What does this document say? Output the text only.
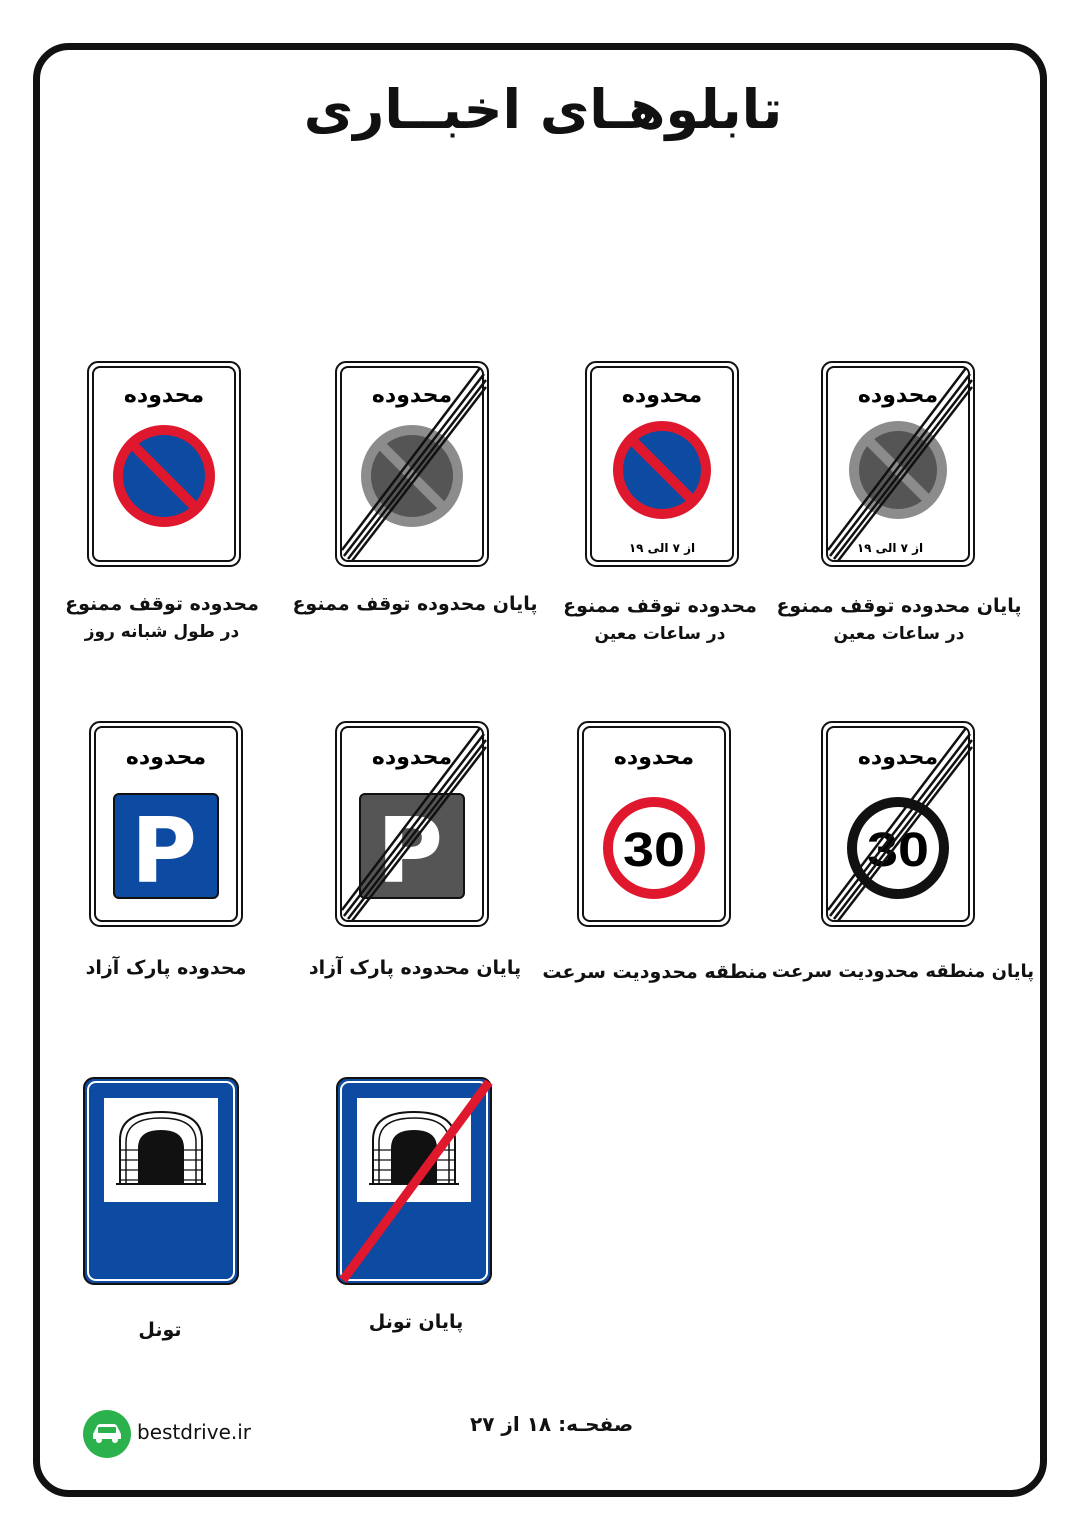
تابلوهـای اخبــاری
محدوده	محدوده	محدوده
از ۷ الی ۱۹
محدوده
از ۷ الی ۱۹
محدوده توقف ممنوع
در طول شبانه روز
پایان محدوده توقف ممنوع محدوده توقف ممنوع
در ساعات معین
پایان محدوده توقف ممنوع
در ساعات معین
محدوده
P
محدوده
P
محدوده
30
محدوده
30
محدوده پارک آزاد	پایان محدوده پارک آزاد	منطقه محدودیت سرعت پایان منطقه محدودیت سرعت
تونل	پایان تونل
bestdrive.ir	صفحـه: ۱۸ از ۲۷
